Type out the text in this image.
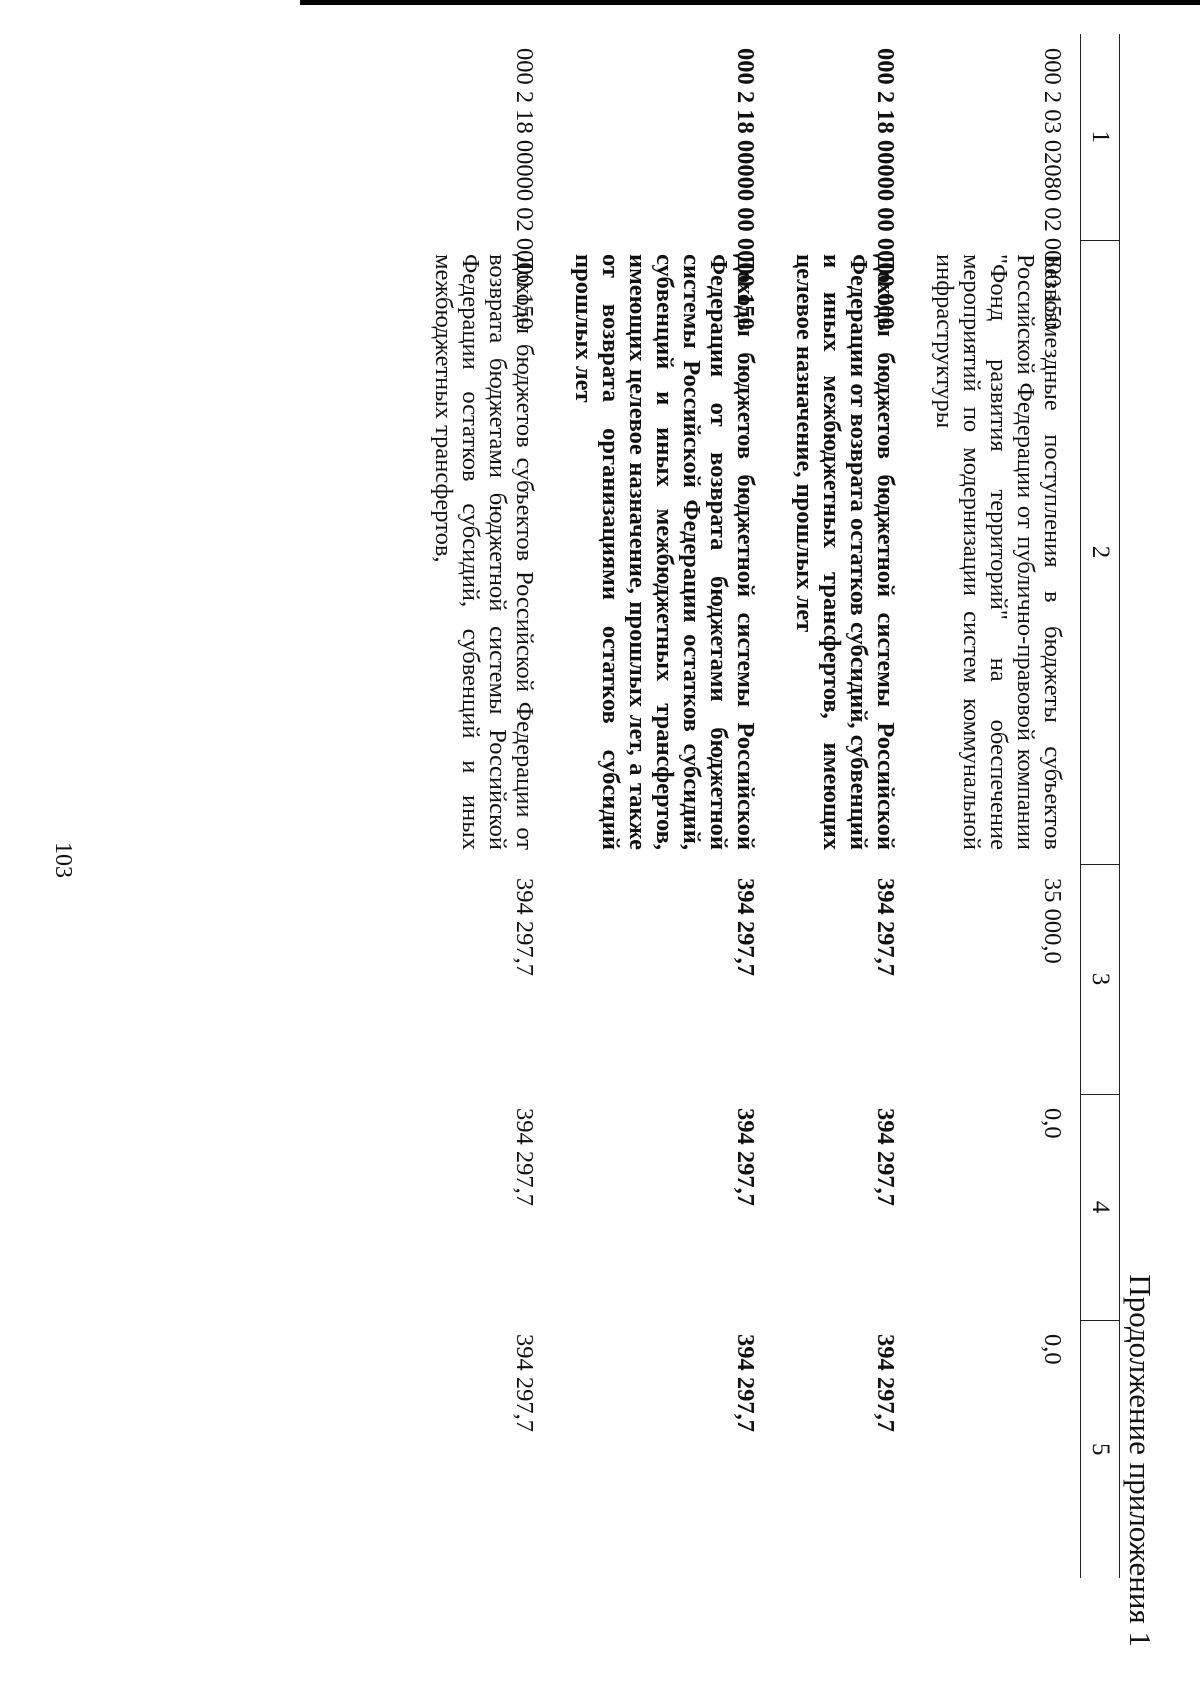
103
Продолжение приложения 1
1	2	3	4	5
000 2 03 02080 02 0000 150	Безвозмездные поступления в бюджеты субъектов Российской Федерации от публично-правовой компании "Фонд развития территорий" на обеспечение мероприятий по модернизации систем коммунальной инфраструктуры	35 000,0	0,0	0,0
000 2 18 00000 00 0000 000	Доходы бюджетов бюджетной системы Российской Федерации от возврата остатков субсидий, субвенций и иных межбюджетных трансфертов, имеющих целевое назначение, прошлых лет	394 297,7	394 297,7	394 297,7
000 2 18 00000 00 0000 150	Доходы бюджетов бюджетной системы Российской Федерации от возврата бюджетами бюджетной системы Российской Федерации остатков субсидий, субвенций и иных межбюджетных трансфертов, имеющих целевое назначение, прошлых лет, а также от возврата организациями остатков субсидий прошлых лет	394 297,7	394 297,7	394 297,7
000 2 18 00000 02 0000 150	Доходы бюджетов субъектов Российской Федерации от возврата бюджетами бюджетной системы Российской Федерации остатков субсидий, субвенций и иных межбюджетных трансфертов,	394 297,7	394 297,7	394 297,7
